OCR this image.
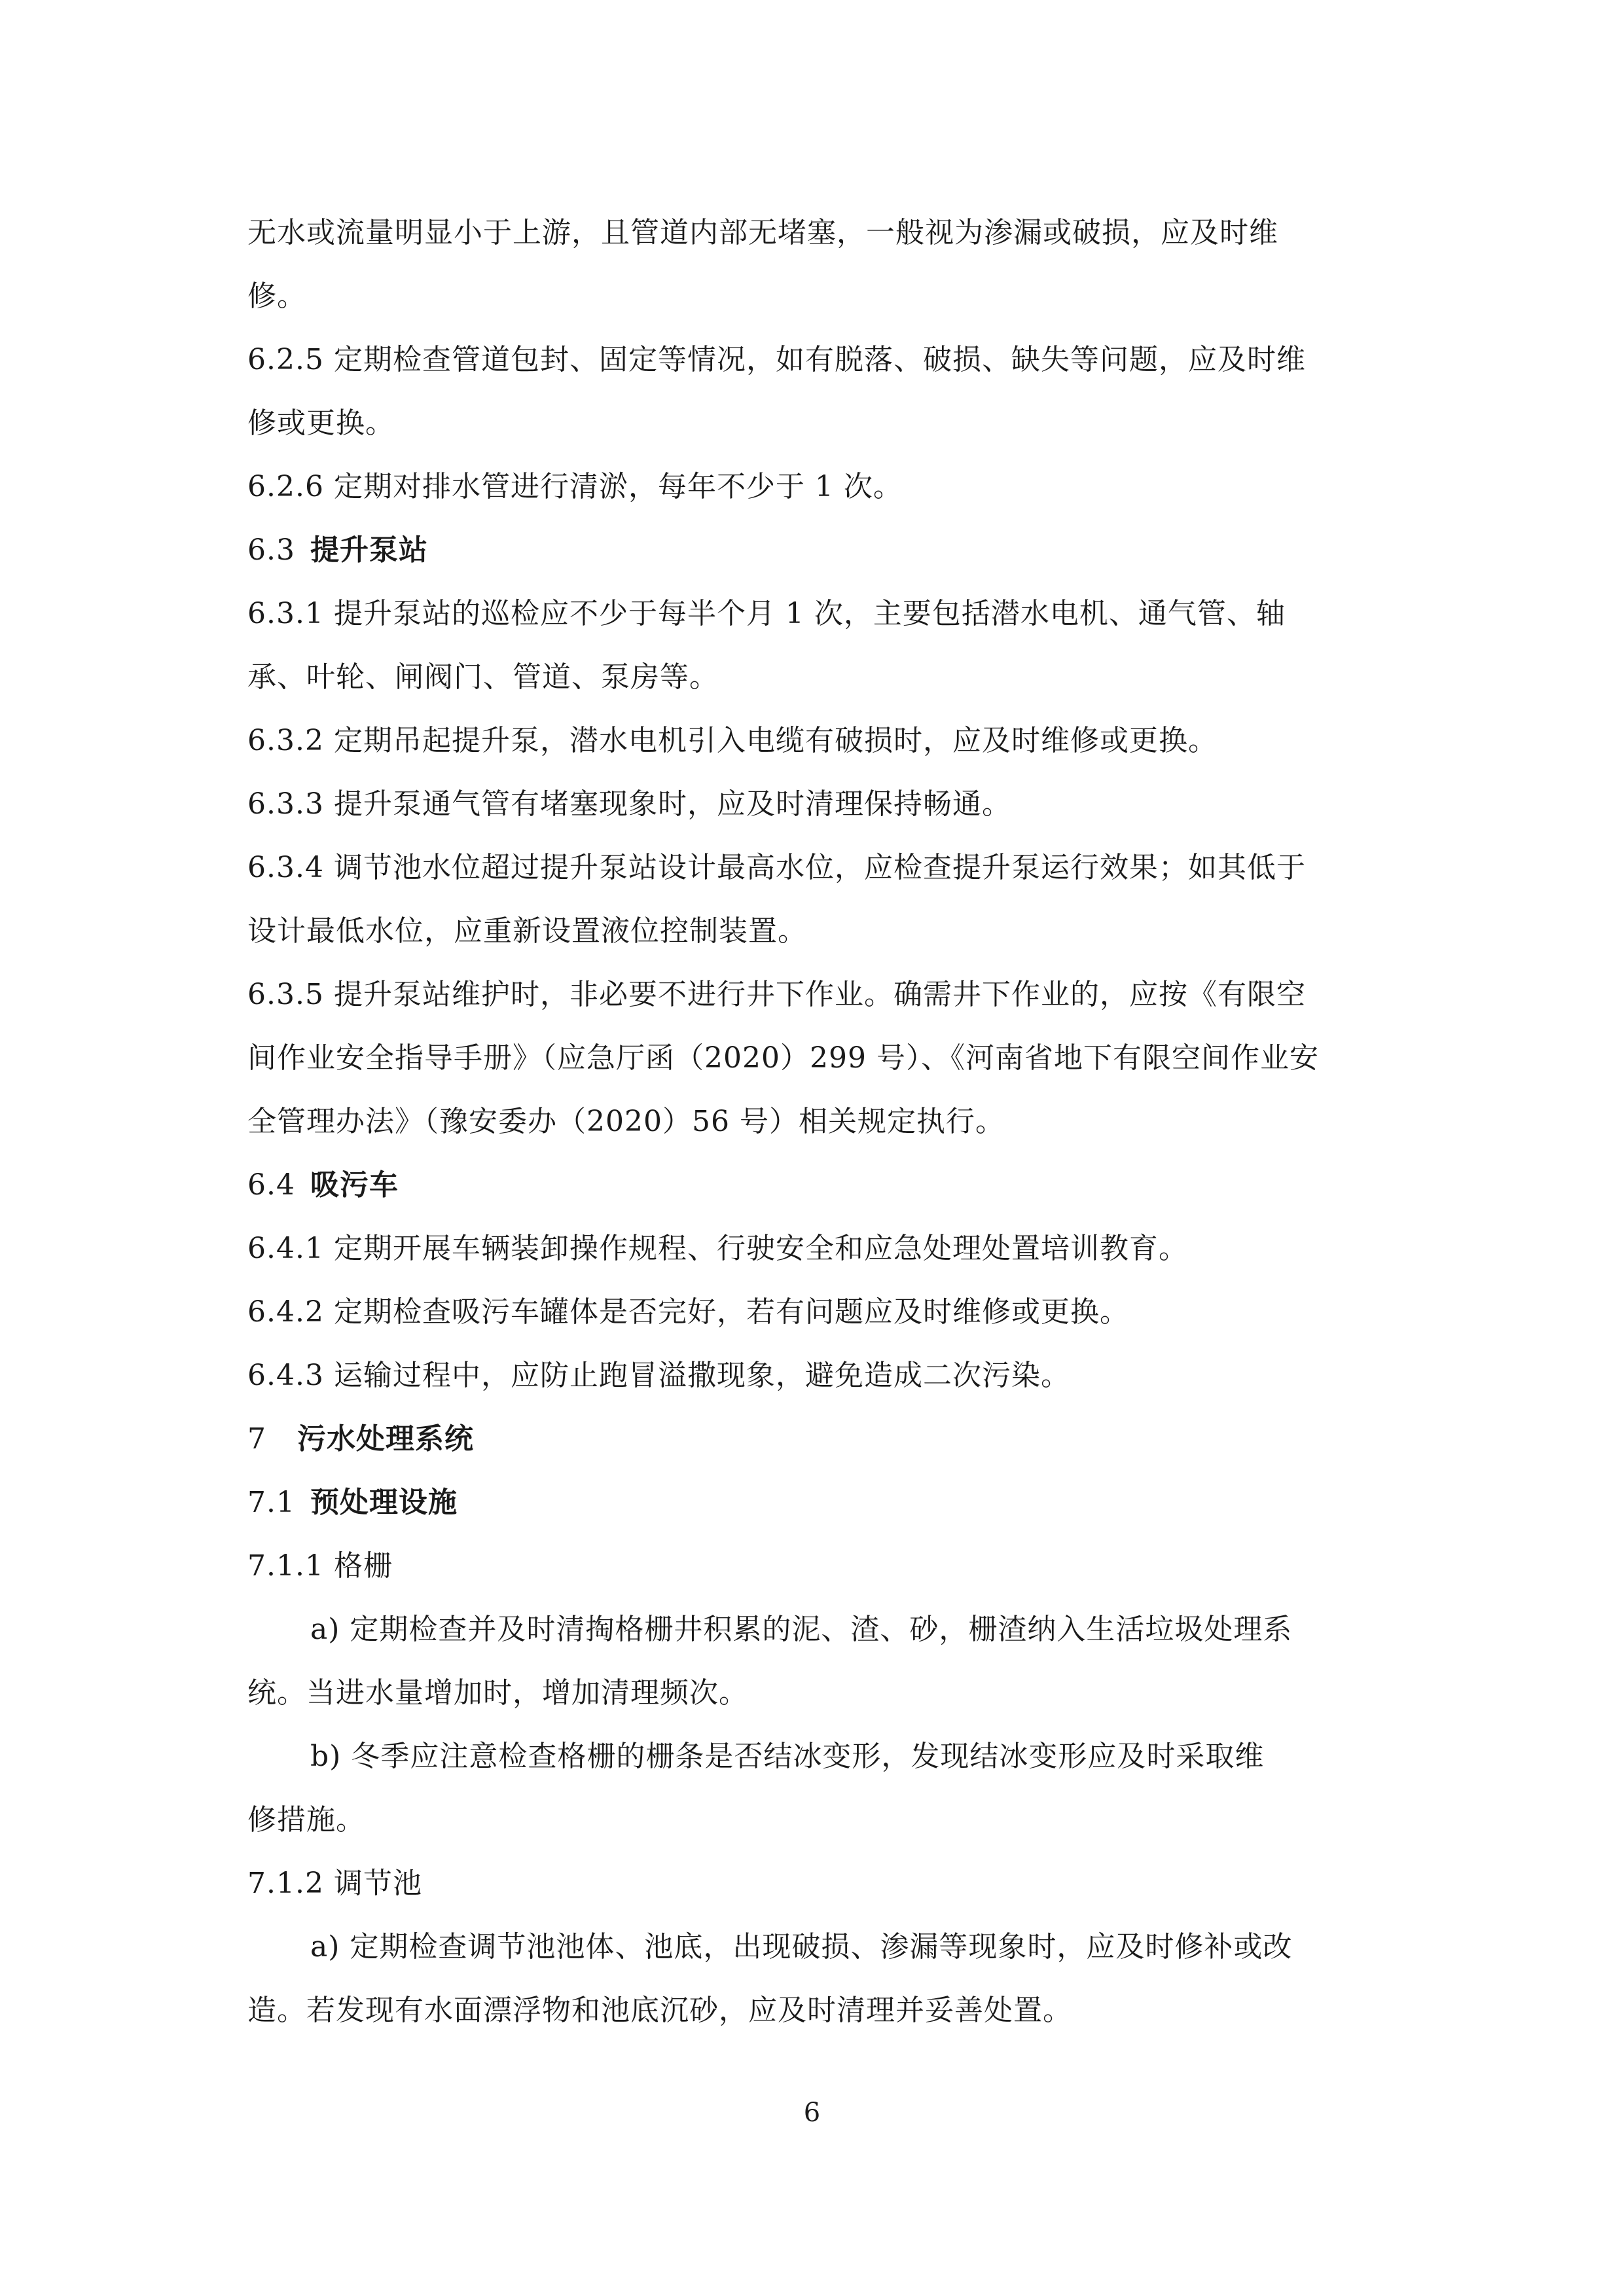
无水或流量明显小于上游，且管道内部无堵塞，一般视为渗漏或破损，应及时维

修。

6.2.5 定期检查管道包封、固定等情况，如有脱落、破损、缺失等问题，应及时维

修或更换。

6.2.6 定期对排水管进行清淤，每年不少于 1 次。

6.3 提升泵站

6.3.1 提升泵站的巡检应不少于每半个月 1 次，主要包括潜水电机、通气管、轴

承、叶轮、闸阀门、管道、泵房等。

6.3.2 定期吊起提升泵，潜水电机引入电缆有破损时，应及时维修或更换。

6.3.3 提升泵通气管有堵塞现象时，应及时清理保持畅通。

6.3.4 调节池水位超过提升泵站设计最高水位，应检查提升泵运行效果；如其低于

设计最低水位，应重新设置液位控制装置。

6.3.5 提升泵站维护时，非必要不进行井下作业。确需井下作业的，应按《有限空

间作业安全指导手册》（应急厅函（2020）299 号）、《河南省地下有限空间作业安

全管理办法》（豫安委办（2020）56 号）相关规定执行。

6.4 吸污车

6.4.1 定期开展车辆装卸操作规程、行驶安全和应急处理处置培训教育。

6.4.2 定期检查吸污车罐体是否完好，若有问题应及时维修或更换。

6.4.3 运输过程中，应防止跑冒溢撒现象，避免造成二次污染。

7 污水处理系统

7.1 预处理设施

7.1.1 格栅

a) 定期检查并及时清掏格栅井积累的泥、渣、砂，栅渣纳入生活垃圾处理系

统。当进水量增加时，增加清理频次。

b) 冬季应注意检查格栅的栅条是否结冰变形，发现结冰变形应及时采取维

修措施。

7.1.2 调节池

a) 定期检查调节池池体、池底，出现破损、渗漏等现象时，应及时修补或改

造。若发现有水面漂浮物和池底沉砂，应及时清理并妥善处置。

6
